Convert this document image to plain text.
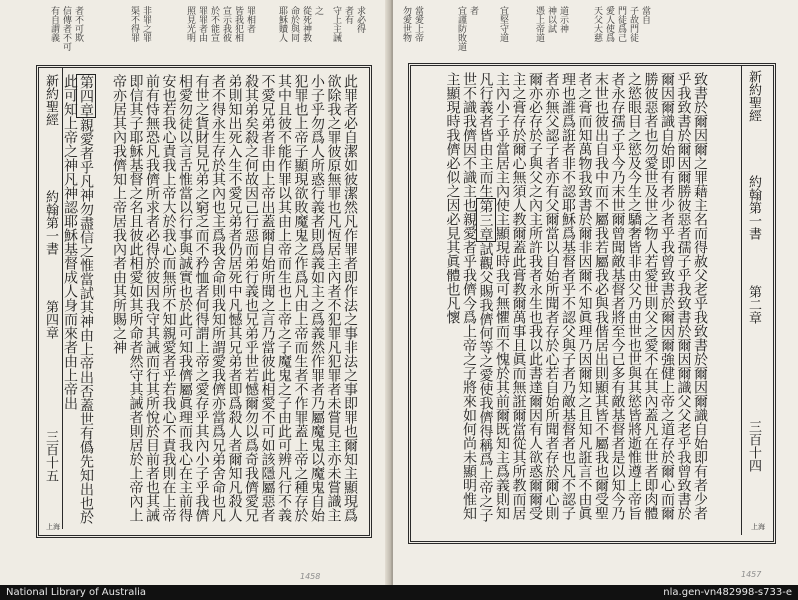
有自謂義 信傳者不可 者不可欺	渠不得罪 非罪之罪	照見光明 罪罪者由 於不能宣 宣示我彼 皆我犯相 罪相者 耶穌贖人 命於與同 從死神教 之 守上主誡 者有 求必得
新約聖經
約翰第一書
第四章
三百十五
第四章親愛者乎凡神勿盡信之惟當試其神由上帝出否蓋世有僞先知出也於此可知上帝之神凡神認耶穌基督成人身而來者由上帝出	此罪者必自潔如彼潔然凡作罪者即作法之事非法之事即罪也爾知主顯現爲欲除我之罪彼原無罪也凡恆居主內者不犯罪凡犯罪者未嘗見主亦未嘗識主小子乎勿爲人所惑行義者則爲義如主之爲義然作罪者乃屬魔鬼以魔鬼自始犯罪也上帝子顯現欲敗魔鬼之作爲凡由上帝而生者不作罪蓋上帝之種存於其中且彼不能作罪以其由上帝而生也上帝之子魔鬼之子由此可辨凡行不義不愛兄弟者非由上帝出蓋爾自始所聞之言乃當彼此相愛不可如該隱屬惡者殺其弟矣殺之何故因己行惡而弟行義也兄弟乎世若憾爾勿以爲奇我儕愛兄弟則知出死入生不愛兄弟者仍居死中凡憾其兄弟者即爲殺人者爾知凡殺人者不得永生存於其內也主爲我舍命則我知所謂愛我儕亦當爲兄弟舍命也凡有世之貨財見兄弟之窮乏而不矜恤者何得謂上帝之愛存乎其內小子乎我儕相愛勿徒以言舌惟當以行事與誠實也於此可知我儕屬眞理而我心在主前得安也若我心責我上帝大於我心而無所不知親愛者乎若我心不責我則在上帝前有恃無恐凡我儕所求者必得於彼因我守其誡而行其所悅於目前者也其誡即信其子耶穌基督之名且彼此相愛如其所命者然守其誡者則居於上帝內上帝亦居其內我儕知上帝居我內者由其所賜之神
上海
1458
勿愛世物 當愛上帝	宜謹防敗道 者 宜堅守道	憑上帝道 神以試 道示神	天父大慈 愛人使爲 門徒爲己 子故門徒 當自
新約聖經
約翰第一書
第二章
三百十四
致書於爾因爾之罪藉主名而得赦父老乎我致書於爾因爾識自始即有者少者乎我致書於爾因爾勝彼惡者孺子乎我致書於爾因爾識父父老乎我曾致書於爾因爾識自始即有者少者乎我曾致書於爾因爾強健上帝之道存於爾心而爾勝彼惡者也勿愛世及世之物人若愛世則父之愛不在其內蓋凡在世者即肉體之慾眼目之慾及今生之驕奢皆非由父乃由世也世與其慾皆將逝惟遵上帝旨者永存孺子乎今乃末世爾曾聞敵基督者將至今已多有敵基督者是以知今乃末世也彼出自我中而不屬我若屬我必與我偕居出則顯其皆不屬我也爾受聖者之膏而知萬物我致書於爾非因爾不知眞理乃因爾知之且知凡誑言不由眞理也誰爲誑者非不認耶穌爲基督者乎不認父與子者乃敵基督者也凡不認子者亦無父認子者亦有父爾當以自始所聞者存於心若自始所聞者存於爾心則爾亦必存於子與父之內主所許我者永生也我以此書達爾因有人欲惑爾爾受主之膏存於爾心無須人教爾蓋此膏教爾萬事且眞而無誑爾當從其所教而居主內小子乎當居主內使主顯現時我可無懼而不愧於其前爾既知主爲義則知凡行義者皆由主而生第三章試觀父賜我儕何等之愛使我儕得稱爲上帝之子世不識我儕因不識主也親愛者乎我儕今爲上帝之子將來如何尚未顯明惟知主顯現時我儕必似之因必見其眞體也凡懷
上海
1457
National Library of Australia	nla.gen-vn482998-s733-e
